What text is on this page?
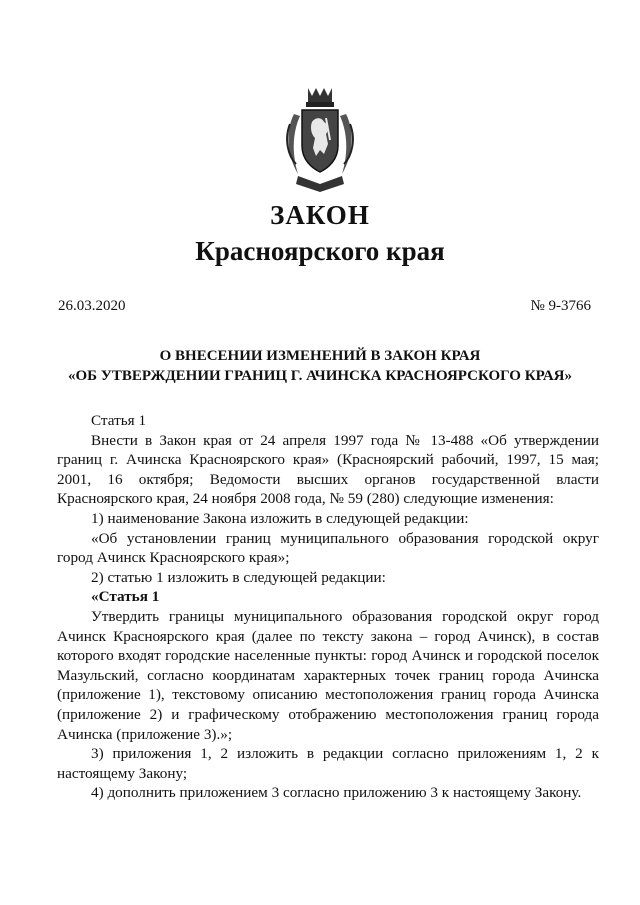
ЗАКОН
Красноярского края
26.03.2020	№ 9-3766
О ВНЕСЕНИИ ИЗМЕНЕНИЙ В ЗАКОН КРАЯ
«ОБ УТВЕРЖДЕНИИ ГРАНИЦ Г. АЧИНСКА КРАСНОЯРСКОГО КРАЯ»

Статья 1

Внести в Закон края от 24 апреля 1997 года № 13-488 «Об утверждении границ г. Ачинска Красноярского края» (Красноярский рабочий, 1997, 15 мая; 2001, 16 октября; Ведомости высших органов государственной власти Красноярского края, 24 ноября 2008 года, № 59 (280) следующие изменения:

1) наименование Закона изложить в следующей редакции:

«Об установлении границ муниципального образования городской округ город Ачинск Красноярского края»;

2) статью 1 изложить в следующей редакции:

«Статья 1

Утвердить границы муниципального образования городской округ город Ачинск Красноярского края (далее по тексту закона – город Ачинск), в состав которого входят городские населенные пункты: город Ачинск и городской поселок Мазульский, согласно координатам характерных точек границ города Ачинска (приложение 1), текстовому описанию местоположения границ города Ачинска (приложение 2) и графическому отображению местоположения границ города Ачинска (приложение 3).»;

3) приложения 1, 2 изложить в редакции согласно приложениям 1, 2 к настоящему Закону;

4) дополнить приложением 3 согласно приложению 3 к настоящему Закону.
